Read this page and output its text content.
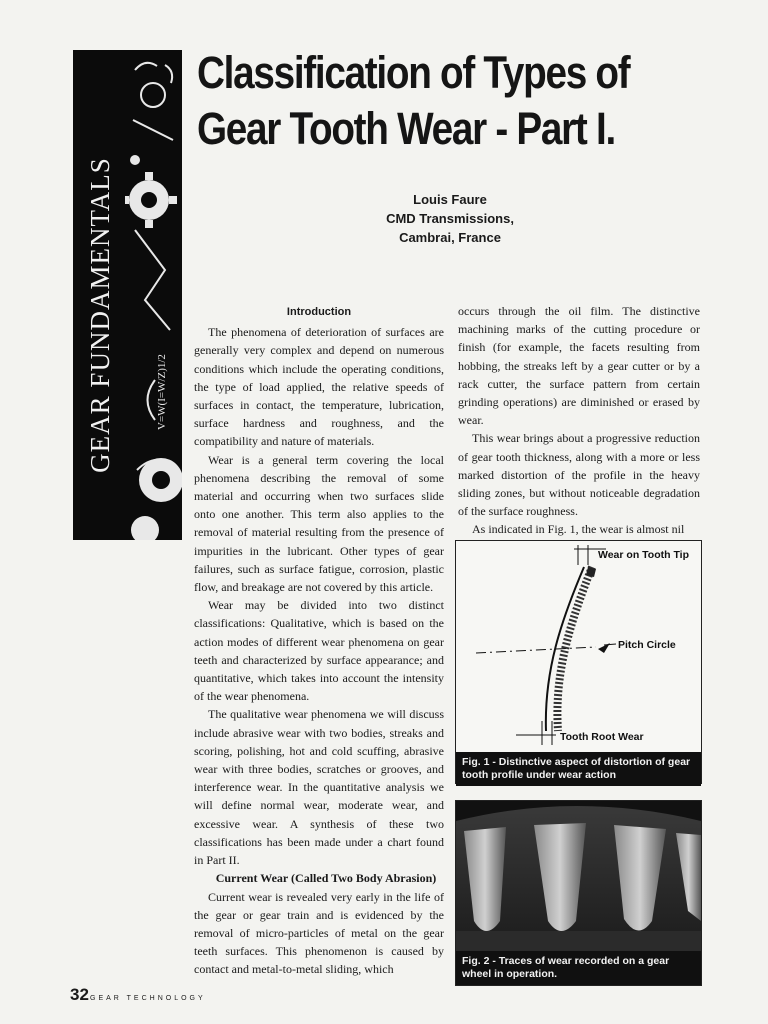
GEAR FUNDAMENTALS	V=W(I=W/Z)1/2
Classification of Types of
Gear Tooth Wear - Part I.
Louis Faure
CMD Transmissions,
Cambrai, France
Introduction

The phenomena of deterioration of surfaces are generally very complex and depend on numerous conditions which include the operating conditions, the type of load applied, the relative speeds of surfaces in contact, the temperature, lubrication, surface hardness and roughness, and the compatibility and nature of materials.

Wear is a general term covering the local phenomena describing the removal of some material and occurring when two surfaces slide onto one another. This term also applies to the removal of material resulting from the presence of impurities in the lubricant. Other types of gear failures, such as surface fatigue, corrosion, plastic flow, and breakage are not covered by this article.

Wear may be divided into two distinct classifications: Qualitative, which is based on the action modes of different wear phenomena on gear teeth and characterized by surface appearance; and quantitative, which takes into account the intensity of the wear phenomena.

The qualitative wear phenomena we will discuss include abrasive wear with two bodies, streaks and scoring, polishing, hot and cold scuffing, abrasive wear with three bodies, scratches or grooves, and interference wear. In the quantitative analysis we will define normal wear, moderate wear, and excessive wear. A synthesis of these two classifications has been made under a chart found in Part II.

Current Wear (Called Two Body Abrasion)

Current wear is revealed very early in the life of the gear or gear train and is evidenced by the removal of micro-particles of metal on the gear teeth surfaces. This phenomenon is caused by contact and metal-to-metal sliding, which

occurs through the oil film. The distinctive machining marks of the cutting procedure or finish (for example, the facets resulting from hobbing, the streaks left by a gear cutter or by a rack cutter, the surface pattern from certain grinding operations) are diminished or erased by wear.

This wear brings about a progressive reduction of gear tooth thickness, along with a more or less marked distortion of the profile in the heavy sliding zones, but without noticeable degradation of the surface roughness.

As indicated in Fig. 1, the wear is almost nil

Wear on Tooth Tip
Pitch Circle
Tooth Root Wear
Fig. 1 - Distinctive aspect of distortion of gear tooth profile under wear action
Fig. 2 - Traces of wear recorded on a gear wheel in operation.
32 GEAR TECHNOLOGY
